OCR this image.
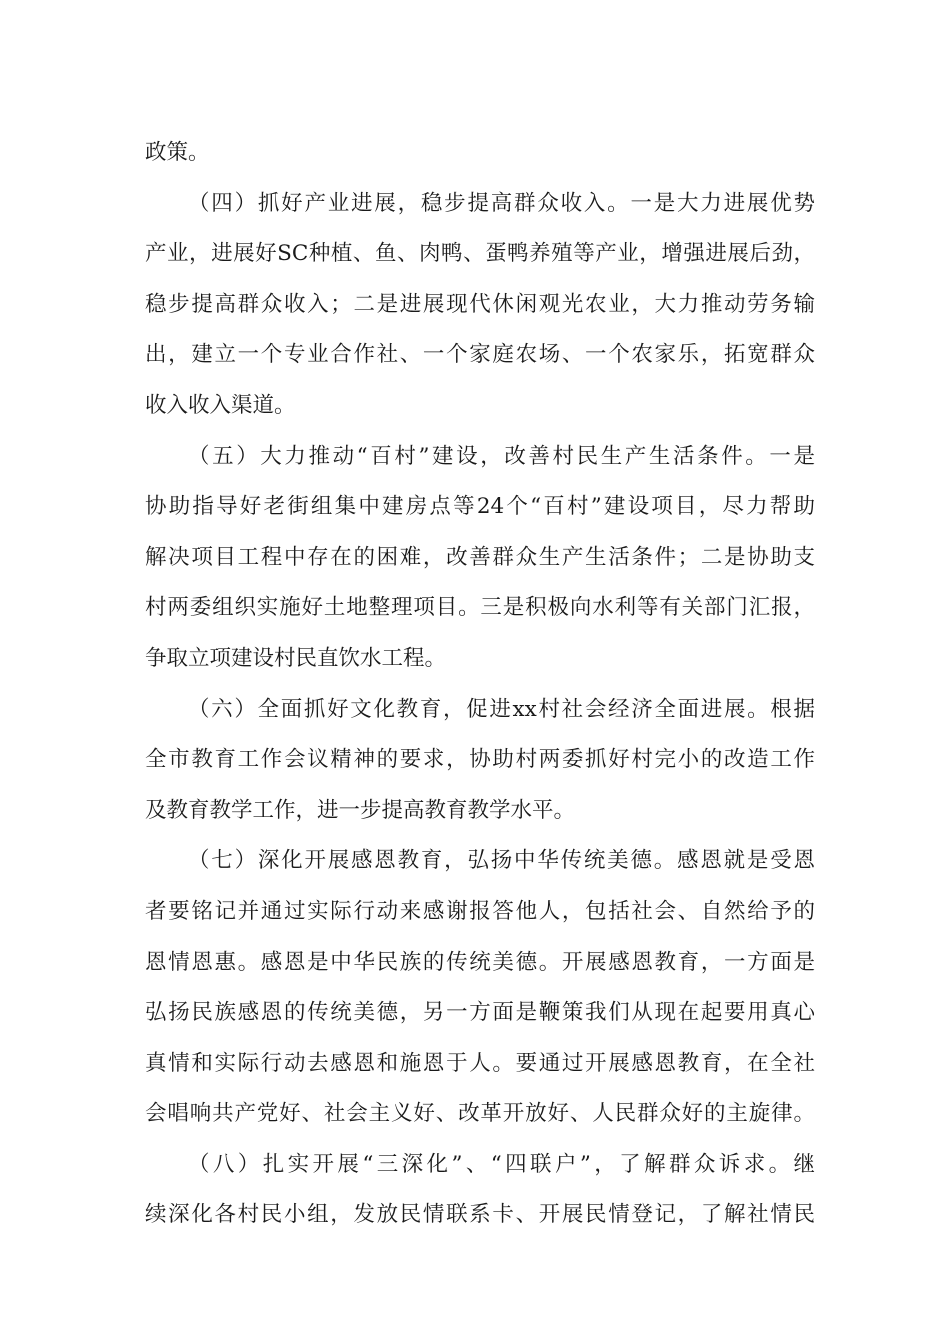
政策。
（四）抓好产业进展，稳步提高群众收入。一是大力进展优势
产业，进展好SC种植、鱼、肉鸭、蛋鸭养殖等产业，增强进展后劲，
稳步提高群众收入；二是进展现代休闲观光农业，大力推动劳务输
出，建立一个专业合作社、一个家庭农场、一个农家乐，拓宽群众
收入收入渠道。
（五）大力推动“百村”建设，改善村民生产生活条件。一是
协助指导好老街组集中建房点等24个“百村”建设项目，尽力帮助
解决项目工程中存在的困难，改善群众生产生活条件；二是协助支
村两委组织实施好土地整理项目。三是积极向水利等有关部门汇报，
争取立项建设村民直饮水工程。
（六）全面抓好文化教育，促进xx村社会经济全面进展。根据
全市教育工作会议精神的要求，协助村两委抓好村完小的改造工作
及教育教学工作，进一步提高教育教学水平。
（七）深化开展感恩教育，弘扬中华传统美德。感恩就是受恩
者要铭记并通过实际行动来感谢报答他人，包括社会、自然给予的
恩情恩惠。感恩是中华民族的传统美德。开展感恩教育，一方面是
弘扬民族感恩的传统美德，另一方面是鞭策我们从现在起要用真心
真情和实际行动去感恩和施恩于人。要通过开展感恩教育，在全社
会唱响共产党好、社会主义好、改革开放好、人民群众好的主旋律。
（八）扎实开展“三深化”、“四联户”，了解群众诉求。继
续深化各村民小组，发放民情联系卡、开展民情登记，了解社情民
